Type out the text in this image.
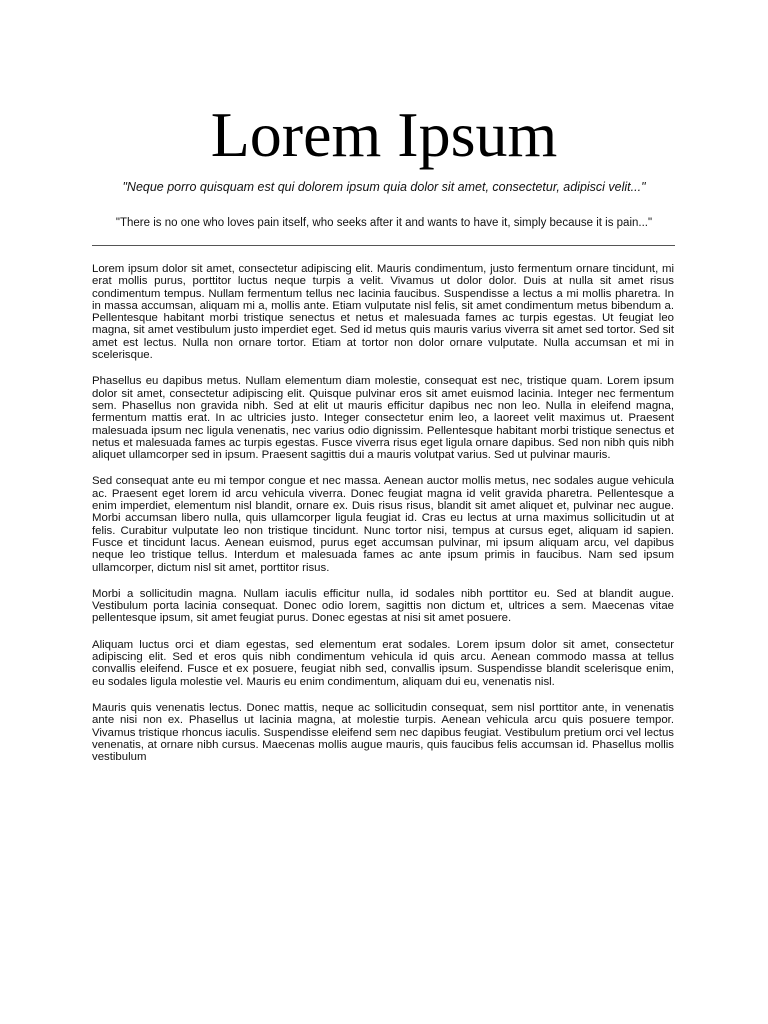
Lorem Ipsum

"Neque porro quisquam est qui dolorem ipsum quia dolor sit amet, consectetur, adipisci velit..."

"There is no one who loves pain itself, who seeks after it and wants to have it, simply because it is pain..."

Lorem ipsum dolor sit amet, consectetur adipiscing elit. Mauris condimentum, justo fermentum ornare tincidunt, mi erat mollis purus, porttitor luctus neque turpis a velit. Vivamus ut dolor dolor. Duis at nulla sit amet risus condimentum tempus. Nullam fermentum tellus nec lacinia faucibus. Suspendisse a lectus a mi mollis pharetra. In in massa accumsan, aliquam mi a, mollis ante. Etiam vulputate nisl felis, sit amet condimentum metus bibendum a. Pellentesque habitant morbi tristique senectus et netus et malesuada fames ac turpis egestas. Ut feugiat leo magna, sit amet vestibulum justo imperdiet eget. Sed id metus quis mauris varius viverra sit amet sed tortor. Sed sit amet est lectus. Nulla non ornare tortor. Etiam at tortor non dolor ornare vulputate. Nulla accumsan et mi in scelerisque.

Phasellus eu dapibus metus. Nullam elementum diam molestie, consequat est nec, tristique quam. Lorem ipsum dolor sit amet, consectetur adipiscing elit. Quisque pulvinar eros sit amet euismod lacinia. Integer nec fermentum sem. Phasellus non gravida nibh. Sed at elit ut mauris efficitur dapibus nec non leo. Nulla in eleifend magna, fermentum mattis erat. In ac ultricies justo. Integer consectetur enim leo, a laoreet velit maximus ut. Praesent malesuada ipsum nec ligula venenatis, nec varius odio dignissim. Pellentesque habitant morbi tristique senectus et netus et malesuada fames ac turpis egestas. Fusce viverra risus eget ligula ornare dapibus. Sed non nibh quis nibh aliquet ullamcorper sed in ipsum. Praesent sagittis dui a mauris volutpat varius. Sed ut pulvinar mauris.

Sed consequat ante eu mi tempor congue et nec massa. Aenean auctor mollis metus, nec sodales augue vehicula ac. Praesent eget lorem id arcu vehicula viverra. Donec feugiat magna id velit gravida pharetra. Pellentesque a enim imperdiet, elementum nisl blandit, ornare ex. Duis risus risus, blandit sit amet aliquet et, pulvinar nec augue. Morbi accumsan libero nulla, quis ullamcorper ligula feugiat id. Cras eu lectus at urna maximus sollicitudin ut at felis. Curabitur vulputate leo non tristique tincidunt. Nunc tortor nisi, tempus at cursus eget, aliquam id sapien. Fusce et tincidunt lacus. Aenean euismod, purus eget accumsan pulvinar, mi ipsum aliquam arcu, vel dapibus neque leo tristique tellus. Interdum et malesuada fames ac ante ipsum primis in faucibus. Nam sed ipsum ullamcorper, dictum nisl sit amet, porttitor risus.

Morbi a sollicitudin magna. Nullam iaculis efficitur nulla, id sodales nibh porttitor eu. Sed at blandit augue. Vestibulum porta lacinia consequat. Donec odio lorem, sagittis non dictum et, ultrices a sem. Maecenas vitae pellentesque ipsum, sit amet feugiat purus. Donec egestas at nisi sit amet posuere.

Aliquam luctus orci et diam egestas, sed elementum erat sodales. Lorem ipsum dolor sit amet, consectetur adipiscing elit. Sed et eros quis nibh condimentum vehicula id quis arcu. Aenean commodo massa at tellus convallis eleifend. Fusce et ex posuere, feugiat nibh sed, convallis ipsum. Suspendisse blandit scelerisque enim, eu sodales ligula molestie vel. Mauris eu enim condimentum, aliquam dui eu, venenatis nisl.

Mauris quis venenatis lectus. Donec mattis, neque ac sollicitudin consequat, sem nisl porttitor ante, in venenatis ante nisi non ex. Phasellus ut lacinia magna, at molestie turpis. Aenean vehicula arcu quis posuere tempor. Vivamus tristique rhoncus iaculis. Suspendisse eleifend sem nec dapibus feugiat. Vestibulum pretium orci vel lectus venenatis, at ornare nibh cursus. Maecenas mollis augue mauris, quis faucibus felis accumsan id. Phasellus mollis vestibulum
